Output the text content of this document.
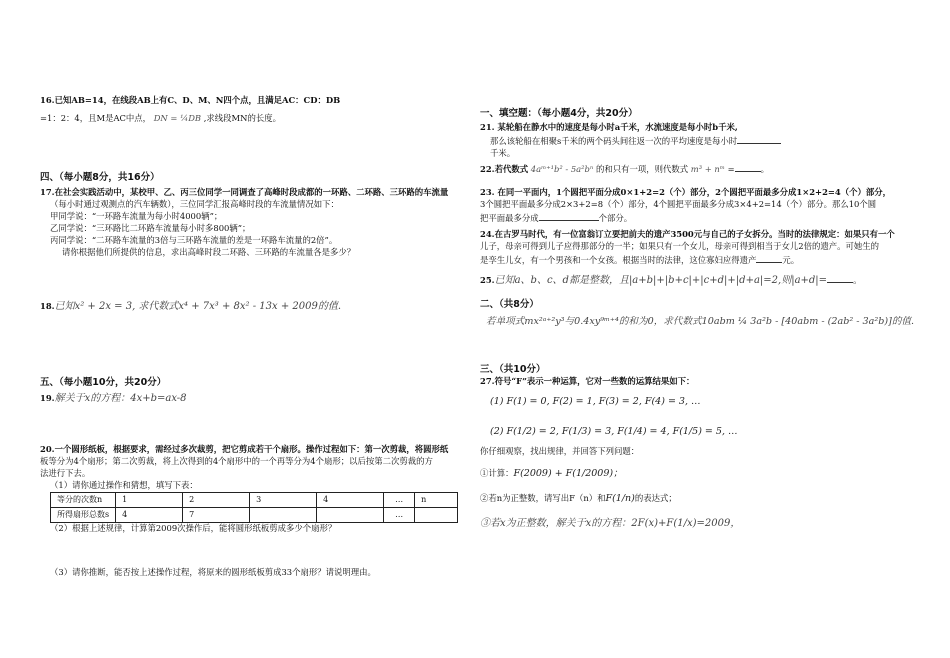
16.已知AB=14，在线段AB上有C、D、M、N四个点，且满足AC：CD：DB

=1：2：4，且M是AC中点， DN = ¼DB ,求线段MN的长度。

四、（每小题8分，共16分）

17.在社会实践活动中，某校甲、乙、丙三位同学一同调查了高峰时段成都的一环路、二环路、三环路的车流量

（每小时通过观测点的汽车辆数），三位同学汇报高峰时段的车流量情况如下：

甲同学说：“一环路车流量为每小时4000辆”；

乙同学说：“三环路比二环路车流量每小时多800辆”；

丙同学说：“二环路车流量的3倍与三环路车流量的差是一环路车流量的2倍”。

请你根据他们所提供的信息，求出高峰时段二环路、三环路的车流量各是多少？

18.已知x² + 2x = 3, 求代数式x⁴ + 7x³ + 8x² - 13x + 2009的值.

五、（每小题10分，共20分）

19.解关于x的方程：4x+b=ax-8

20.一个圆形纸板，根据要求，需经过多次裁剪，把它剪成若干个扇形。操作过程如下：第一次剪裁，将圆形纸

板等分为4个扇形；第二次剪裁，将上次得到的4个扇形中的一个再等分为4个扇形；以后按第二次剪裁的方

法进行下去。

（1）请你通过操作和猜想，填写下表：

等分的次数n	1	2	3	4	…	n
所得扇形总数s	4	7			…	

（2）根据上述规律，计算第2009次操作后，能将圆形纸板剪成多少个扇形？

（3）请你推断，能否按上述操作过程，将原来的圆形纸板剪成33个扇形？请说明理由。

一、填空题：（每小题4分，共20分）

21. 某轮船在静水中的速度是每小时a千米，水流速度是每小时b千米,

那么该轮船在相聚s千米的两个码头间往返一次的平均速度是每小时

千米。

22.若代数式 4aᵐ⁺¹b² - 5a²bⁿ 的和只有一项，则代数式 m³ + nᵐ =	。

23. 在同一平面内，1个圆把平面分成0×1+2=2（个）部分，2个圆把平面最多分成1×2+2=4（个）部分，

3个圆把平面最多分成2×3+2=8（个）部分，4个圆把平面最多分成3×4+2=14（个）部分。那么10个圆

把平面最多分成	个部分。

24.在古罗马时代，有一位富翁订立要把前夫的遗产3500元与自己的子女拆分。当时的法律规定：如果只有一个

儿子，母亲可得到儿子应得那部分的一半；如果只有一个女儿，母亲可得到相当于女儿2倍的遗产。可她生的

是孪生儿女，有一个男孩和一个女孩。根据当时的法律，这位寡妇应得遗产	元。

25.已知a、b、c、d都是整数，且|a+b|+|b+c|+|c+d|+|d+a|=2,则|a+d|=	。

二、（共8分）

若单项式mx²ᵃ⁺²y³与0.4xy⁹ᵐ⁺⁴的和为0，求代数式10abm ¼ 3a²b - [40abm - (2ab² - 3a²b)]的值.

三、（共10分）

27.符号“F”表示一种运算，它对一些数的运算结果如下：

(1) F(1) = 0, F(2) = 1, F(3) = 2, F(4) = 3, …

(2) F(1/2) = 2, F(1/3) = 3, F(1/4) = 4, F(1/5) = 5, …

你仔细观察，找出规律，并回答下列问题：

①计算：F(2009) + F(1/2009)；

②若n为正整数，请写出F（n）和F(1/n)的表达式；

③若x为正整数，解关于x的方程：2F(x)+F(1/x)=2009，
